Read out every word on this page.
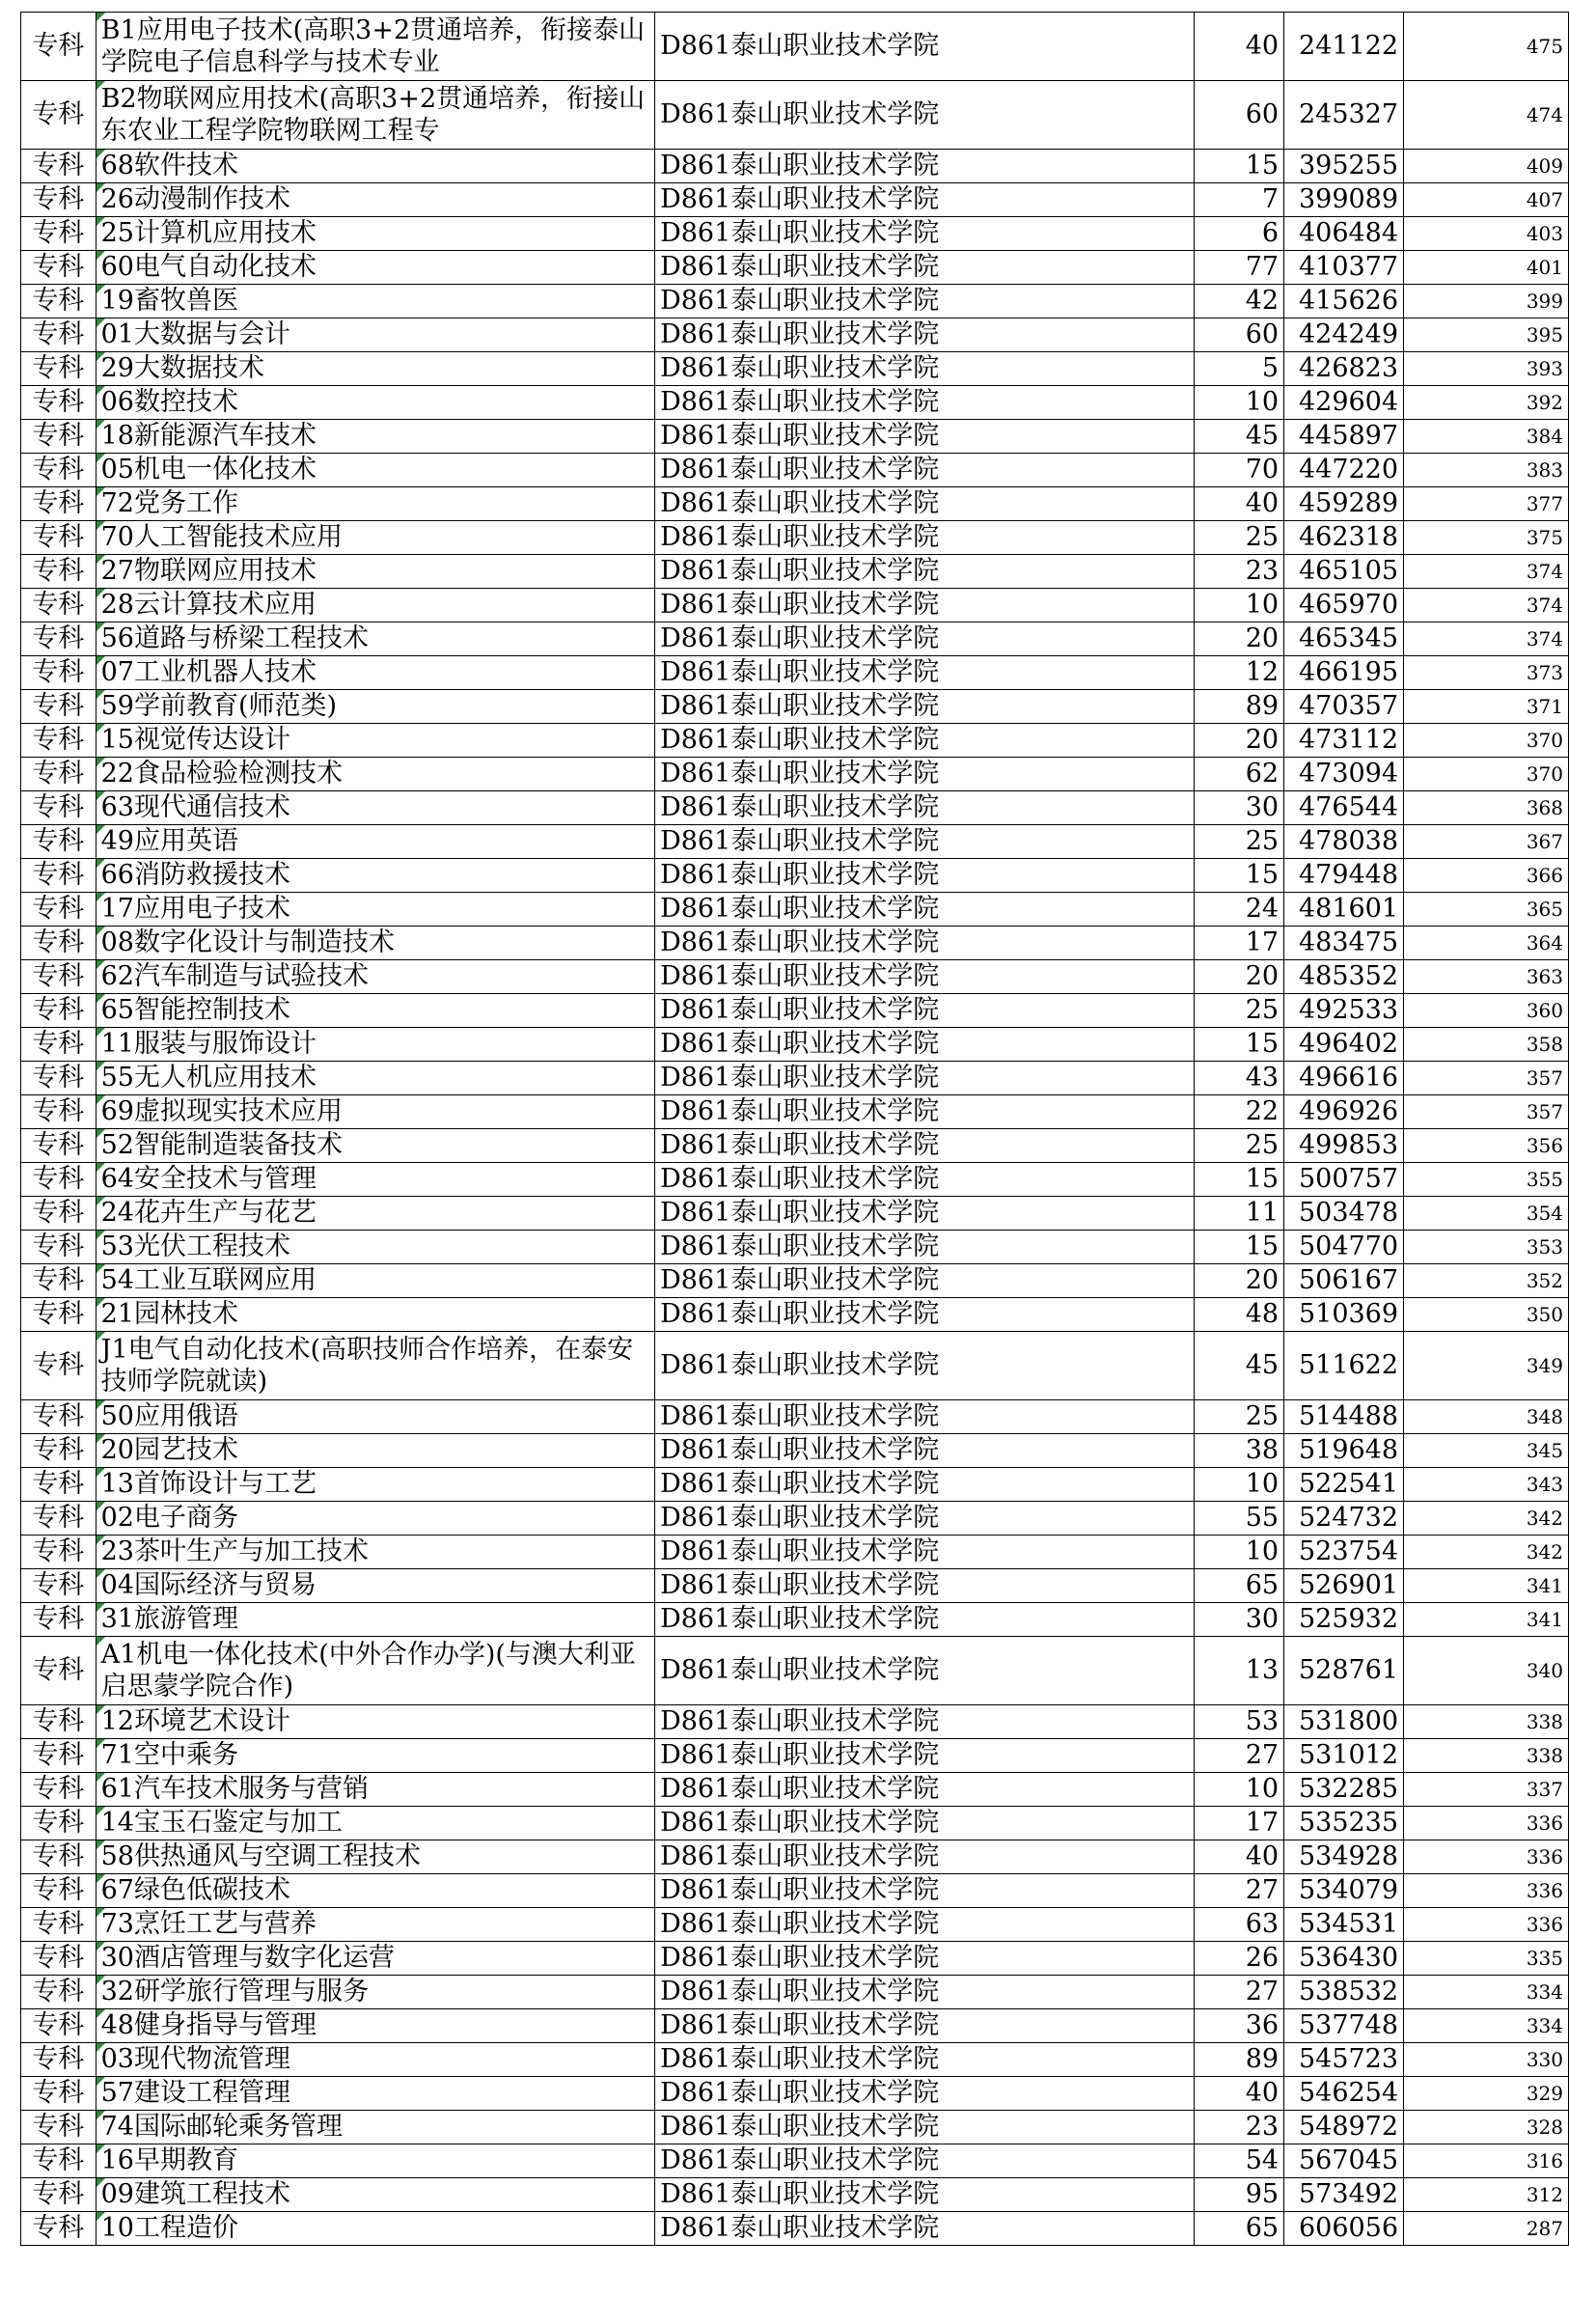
专科	B1应用电子技术(高职3+2贯通培养，衔接泰山学院电子信息科学与技术专业	D861泰山职业技术学院	40	241122	475
专科	B2物联网应用技术(高职3+2贯通培养，衔接山东农业工程学院物联网工程专	D861泰山职业技术学院	60	245327	474
专科	68软件技术	D861泰山职业技术学院	15	395255	409
专科	26动漫制作技术	D861泰山职业技术学院	7	399089	407
专科	25计算机应用技术	D861泰山职业技术学院	6	406484	403
专科	60电气自动化技术	D861泰山职业技术学院	77	410377	401
专科	19畜牧兽医	D861泰山职业技术学院	42	415626	399
专科	01大数据与会计	D861泰山职业技术学院	60	424249	395
专科	29大数据技术	D861泰山职业技术学院	5	426823	393
专科	06数控技术	D861泰山职业技术学院	10	429604	392
专科	18新能源汽车技术	D861泰山职业技术学院	45	445897	384
专科	05机电一体化技术	D861泰山职业技术学院	70	447220	383
专科	72党务工作	D861泰山职业技术学院	40	459289	377
专科	70人工智能技术应用	D861泰山职业技术学院	25	462318	375
专科	27物联网应用技术	D861泰山职业技术学院	23	465105	374
专科	28云计算技术应用	D861泰山职业技术学院	10	465970	374
专科	56道路与桥梁工程技术	D861泰山职业技术学院	20	465345	374
专科	07工业机器人技术	D861泰山职业技术学院	12	466195	373
专科	59学前教育(师范类)	D861泰山职业技术学院	89	470357	371
专科	15视觉传达设计	D861泰山职业技术学院	20	473112	370
专科	22食品检验检测技术	D861泰山职业技术学院	62	473094	370
专科	63现代通信技术	D861泰山职业技术学院	30	476544	368
专科	49应用英语	D861泰山职业技术学院	25	478038	367
专科	66消防救援技术	D861泰山职业技术学院	15	479448	366
专科	17应用电子技术	D861泰山职业技术学院	24	481601	365
专科	08数字化设计与制造技术	D861泰山职业技术学院	17	483475	364
专科	62汽车制造与试验技术	D861泰山职业技术学院	20	485352	363
专科	65智能控制技术	D861泰山职业技术学院	25	492533	360
专科	11服装与服饰设计	D861泰山职业技术学院	15	496402	358
专科	55无人机应用技术	D861泰山职业技术学院	43	496616	357
专科	69虚拟现实技术应用	D861泰山职业技术学院	22	496926	357
专科	52智能制造装备技术	D861泰山职业技术学院	25	499853	356
专科	64安全技术与管理	D861泰山职业技术学院	15	500757	355
专科	24花卉生产与花艺	D861泰山职业技术学院	11	503478	354
专科	53光伏工程技术	D861泰山职业技术学院	15	504770	353
专科	54工业互联网应用	D861泰山职业技术学院	20	506167	352
专科	21园林技术	D861泰山职业技术学院	48	510369	350
专科	J1电气自动化技术(高职技师合作培养，在泰安技师学院就读)	D861泰山职业技术学院	45	511622	349
专科	50应用俄语	D861泰山职业技术学院	25	514488	348
专科	20园艺技术	D861泰山职业技术学院	38	519648	345
专科	13首饰设计与工艺	D861泰山职业技术学院	10	522541	343
专科	02电子商务	D861泰山职业技术学院	55	524732	342
专科	23茶叶生产与加工技术	D861泰山职业技术学院	10	523754	342
专科	04国际经济与贸易	D861泰山职业技术学院	65	526901	341
专科	31旅游管理	D861泰山职业技术学院	30	525932	341
专科	A1机电一体化技术(中外合作办学)(与澳大利亚启思蒙学院合作)	D861泰山职业技术学院	13	528761	340
专科	12环境艺术设计	D861泰山职业技术学院	53	531800	338
专科	71空中乘务	D861泰山职业技术学院	27	531012	338
专科	61汽车技术服务与营销	D861泰山职业技术学院	10	532285	337
专科	14宝玉石鉴定与加工	D861泰山职业技术学院	17	535235	336
专科	58供热通风与空调工程技术	D861泰山职业技术学院	40	534928	336
专科	67绿色低碳技术	D861泰山职业技术学院	27	534079	336
专科	73烹饪工艺与营养	D861泰山职业技术学院	63	534531	336
专科	30酒店管理与数字化运营	D861泰山职业技术学院	26	536430	335
专科	32研学旅行管理与服务	D861泰山职业技术学院	27	538532	334
专科	48健身指导与管理	D861泰山职业技术学院	36	537748	334
专科	03现代物流管理	D861泰山职业技术学院	89	545723	330
专科	57建设工程管理	D861泰山职业技术学院	40	546254	329
专科	74国际邮轮乘务管理	D861泰山职业技术学院	23	548972	328
专科	16早期教育	D861泰山职业技术学院	54	567045	316
专科	09建筑工程技术	D861泰山职业技术学院	95	573492	312
专科	10工程造价	D861泰山职业技术学院	65	606056	287
